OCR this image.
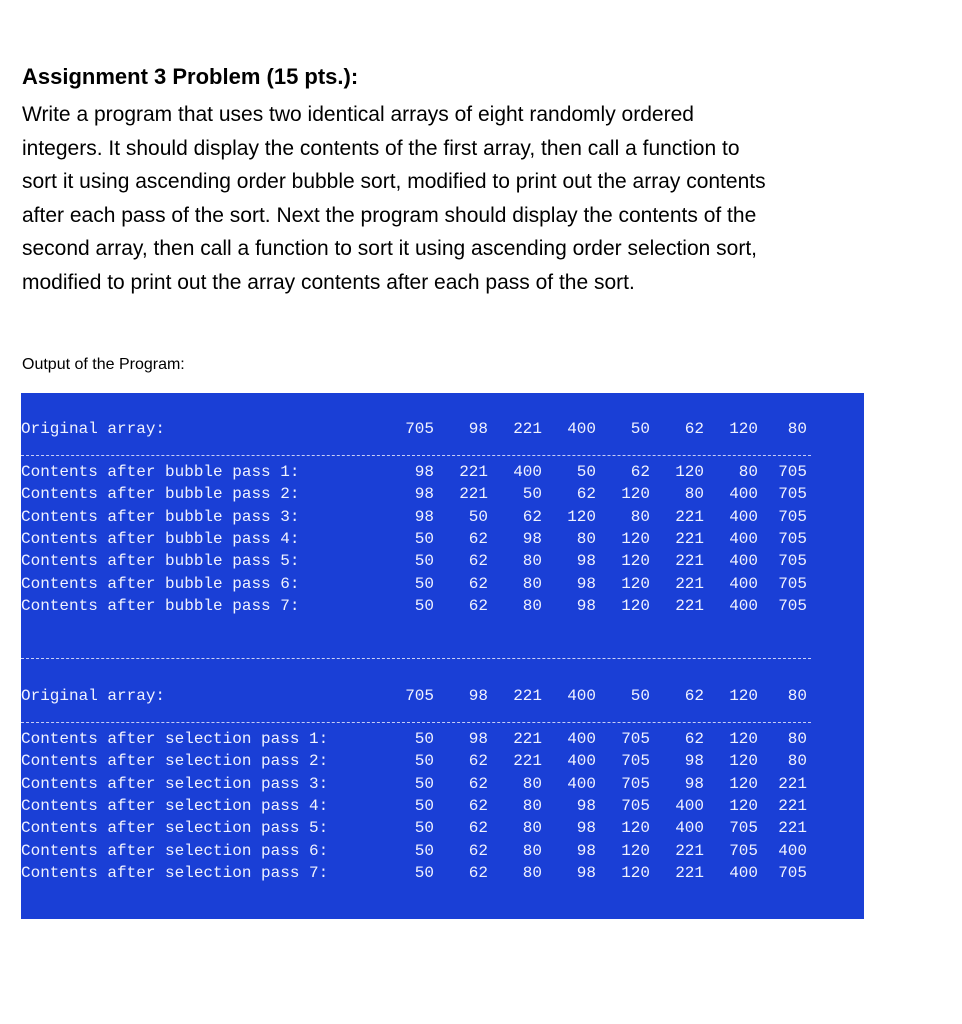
Assignment 3 Problem (15 pts.):
Write a program that uses two identical arrays of eight randomly ordered
integers. It should display the contents of the first array, then call a function to
sort it using ascending order bubble sort, modified to print out the array contents
after each pass of the sort. Next the program should display the contents of the
second array, then call a function to sort it using ascending order selection sort,
modified to print out the array contents after each pass of the sort.
Output of the Program:
Original array:	705	98	221	400	50	62	120	80
Contents after bubble pass 1:	98	221	400	50	62	120	80	705
Contents after bubble pass 2:	98	221	50	62	120	80	400	705
Contents after bubble pass 3:	98	50	62	120	80	221	400	705
Contents after bubble pass 4:	50	62	98	80	120	221	400	705
Contents after bubble pass 5:	50	62	80	98	120	221	400	705
Contents after bubble pass 6:	50	62	80	98	120	221	400	705
Contents after bubble pass 7:	50	62	80	98	120	221	400	705
Original array:	705	98	221	400	50	62	120	80
Contents after selection pass 1:	50	98	221	400	705	62	120	80
Contents after selection pass 2:	50	62	221	400	705	98	120	80
Contents after selection pass 3:	50	62	80	400	705	98	120	221
Contents after selection pass 4:	50	62	80	98	705	400	120	221
Contents after selection pass 5:	50	62	80	98	120	400	705	221
Contents after selection pass 6:	50	62	80	98	120	221	705	400
Contents after selection pass 7:	50	62	80	98	120	221	400	705
